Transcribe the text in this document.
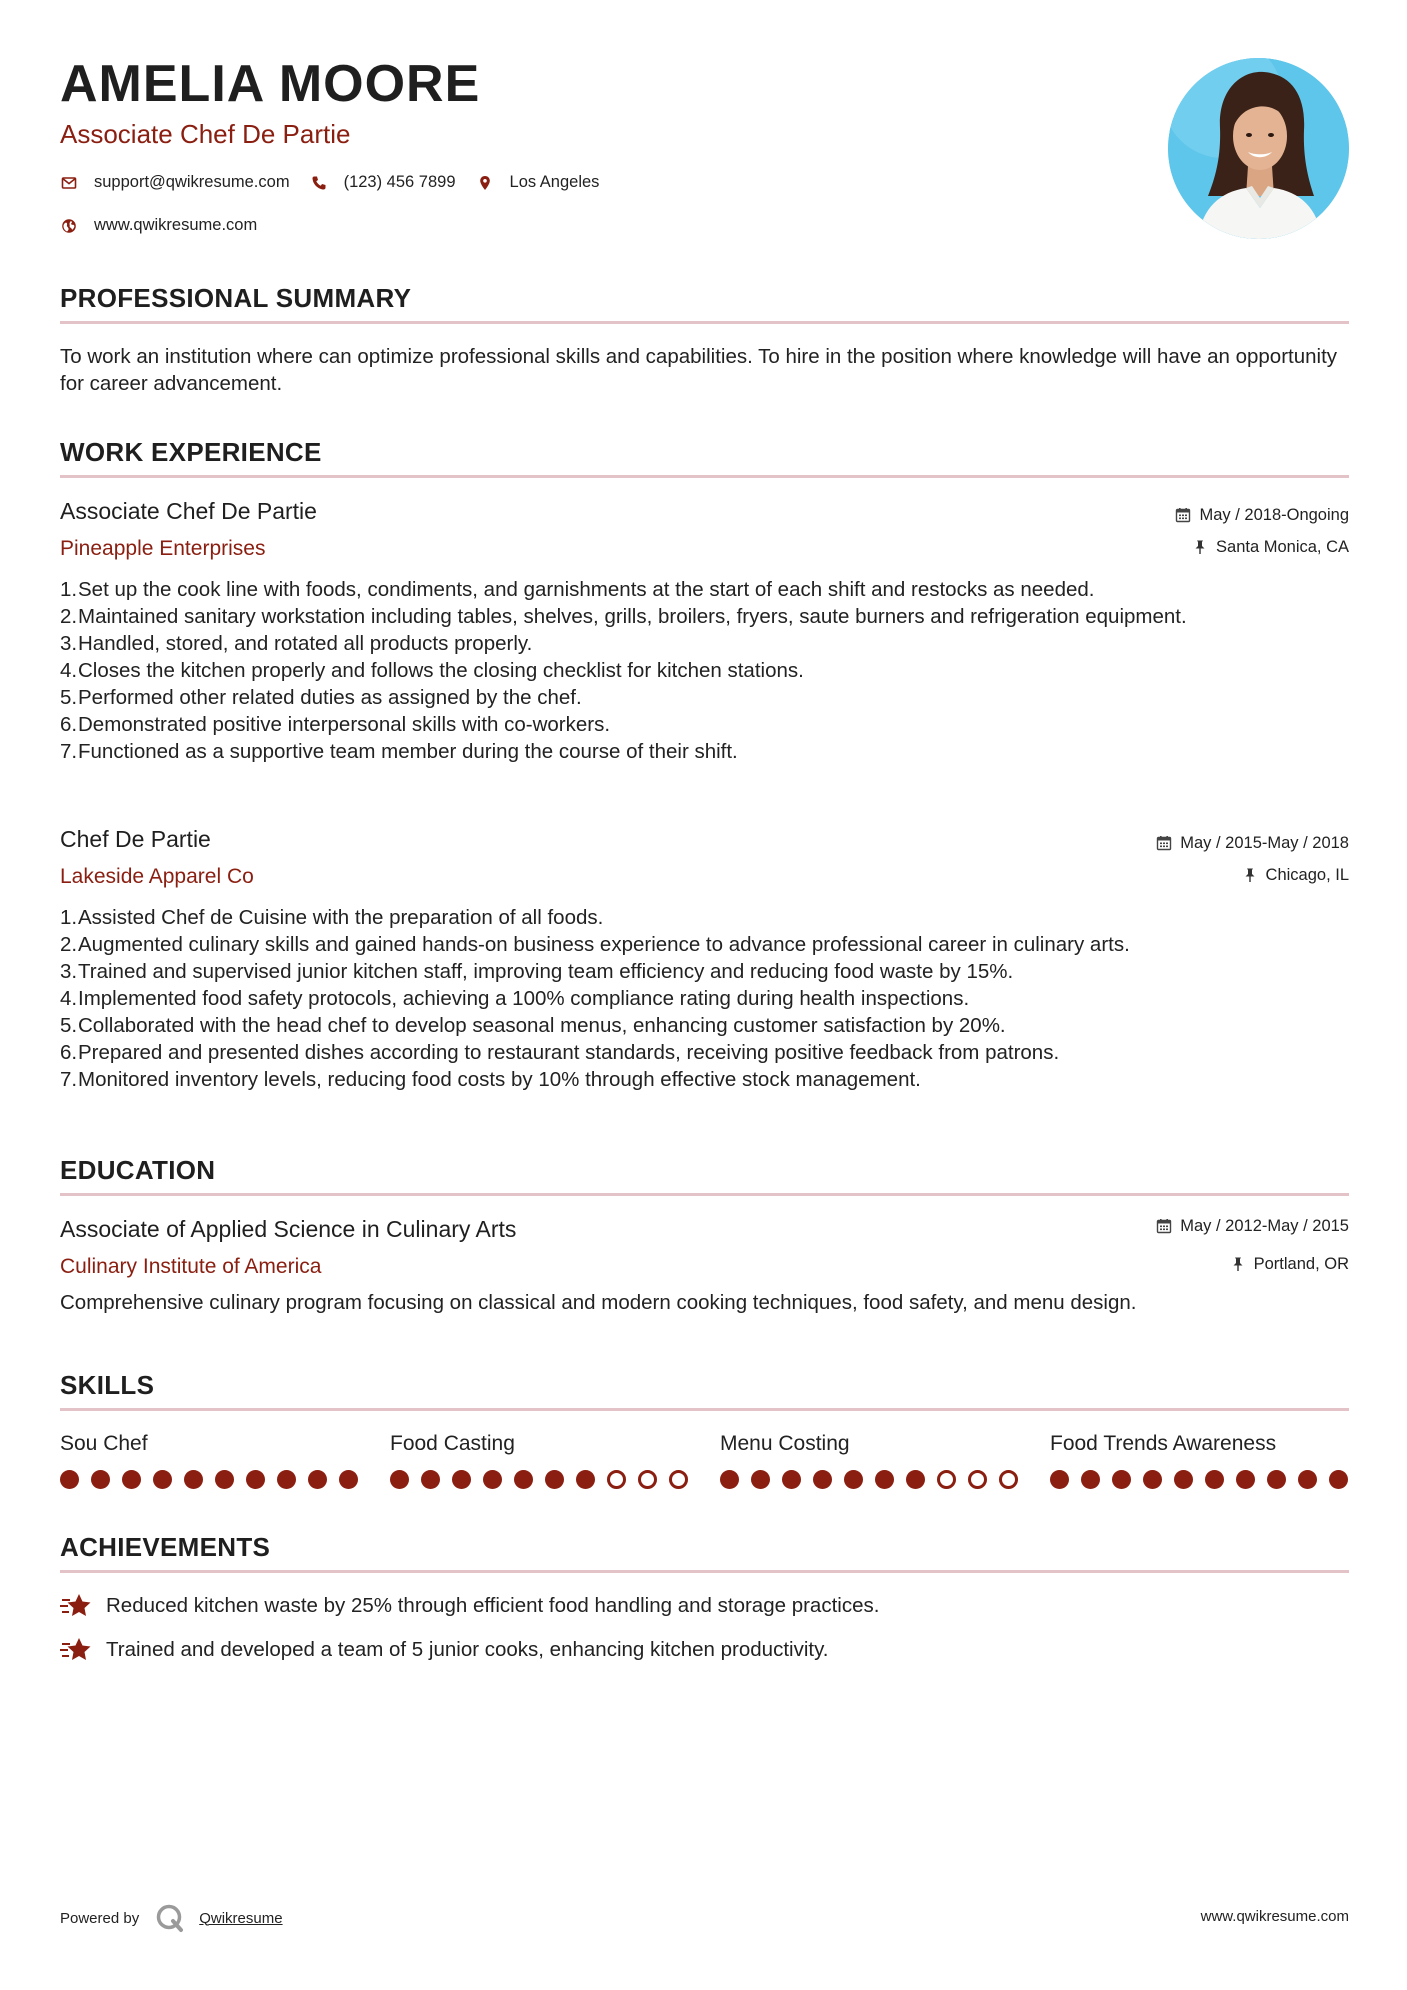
AMELIA MOORE
Associate Chef De Partie
support@qwikresume.com	(123) 456 7899	Los Angeles
www.qwikresume.com
PROFESSIONAL SUMMARY
To work an institution where can optimize professional skills and capabilities. To hire in the position where knowledge will have an opportunity for career advancement.
WORK EXPERIENCE
Associate Chef De Partie	May / 2018-Ongoing
Pineapple Enterprises	Santa Monica, CA
1. Set up the cook line with foods, condiments, and garnishments at the start of each shift and restocks as needed.
2. Maintained sanitary workstation including tables, shelves, grills, broilers, fryers, saute burners and refrigeration equipment.
3. Handled, stored, and rotated all products properly.
4. Closes the kitchen properly and follows the closing checklist for kitchen stations.
5. Performed other related duties as assigned by the chef.
6. Demonstrated positive interpersonal skills with co-workers.
7. Functioned as a supportive team member during the course of their shift.
Chef De Partie	May / 2015-May / 2018
Lakeside Apparel Co	Chicago, IL
1. Assisted Chef de Cuisine with the preparation of all foods.
2. Augmented culinary skills and gained hands-on business experience to advance professional career in culinary arts.
3. Trained and supervised junior kitchen staff, improving team efficiency and reducing food waste by 15%.
4. Implemented food safety protocols, achieving a 100% compliance rating during health inspections.
5. Collaborated with the head chef to develop seasonal menus, enhancing customer satisfaction by 20%.
6. Prepared and presented dishes according to restaurant standards, receiving positive feedback from patrons.
7. Monitored inventory levels, reducing food costs by 10% through effective stock management.
EDUCATION
Associate of Applied Science in Culinary Arts	May / 2012-May / 2015
Culinary Institute of America	Portland, OR
Comprehensive culinary program focusing on classical and modern cooking techniques, food safety, and menu design.
SKILLS
Sou Chef	Food Casting	Menu Costing	Food Trends Awareness
ACHIEVEMENTS
Reduced kitchen waste by 25% through efficient food handling and storage practices.
Trained and developed a team of 5 junior cooks, enhancing kitchen productivity.
Powered by	Qwikresume	www.qwikresume.com
